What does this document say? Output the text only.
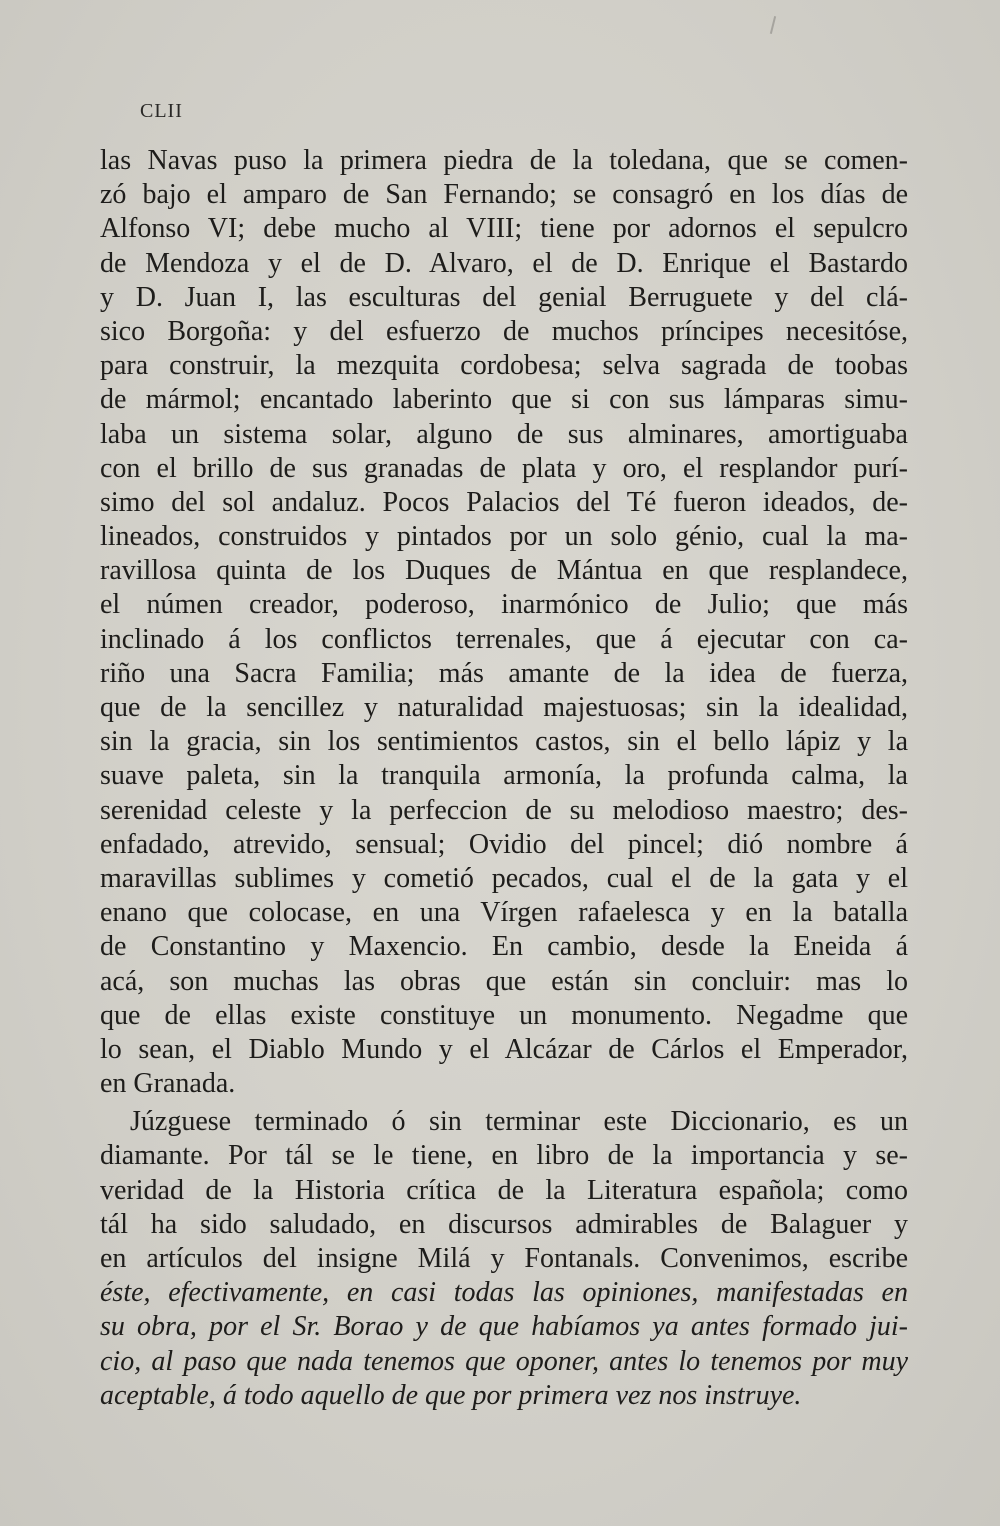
CLII
las Navas puso la primera piedra de la toledana, que se comen-
zó bajo el amparo de San Fernando; se consagró en los días de
Alfonso VI; debe mucho al VIII; tiene por adornos el sepulcro
de Mendoza y el de D. Alvaro, el de D. Enrique el Bastardo
y D. Juan I, las esculturas del genial Berruguete y del clá-
sico Borgoña: y del esfuerzo de muchos príncipes necesitóse,
para construir, la mezquita cordobesa; selva sagrada de toobas
de mármol; encantado laberinto que si con sus lámparas simu-
laba un sistema solar, alguno de sus alminares, amortiguaba
con el brillo de sus granadas de plata y oro, el resplandor purí-
simo del sol andaluz. Pocos Palacios del Té fueron ideados, de-
lineados, construidos y pintados por un solo génio, cual la ma-
ravillosa quinta de los Duques de Mántua en que resplandece,
el númen creador, poderoso, inarmónico de Julio; que más
inclinado á los conflictos terrenales, que á ejecutar con ca-
riño una Sacra Familia; más amante de la idea de fuerza,
que de la sencillez y naturalidad majestuosas; sin la idealidad,
sin la gracia, sin los sentimientos castos, sin el bello lápiz y la
suave paleta, sin la tranquila armonía, la profunda calma, la
serenidad celeste y la perfeccion de su melodioso maestro; des-
enfadado, atrevido, sensual; Ovidio del pincel; dió nombre á
maravillas sublimes y cometió pecados, cual el de la gata y el
enano que colocase, en una Vírgen rafaelesca y en la batalla
de Constantino y Maxencio. En cambio, desde la Eneida á
acá, son muchas las obras que están sin concluir: mas lo
que de ellas existe constituye un monumento. Negadme que
lo sean, el Diablo Mundo y el Alcázar de Cárlos el Emperador,
en Granada.
Júzguese terminado ó sin terminar este Diccionario, es un
diamante. Por tál se le tiene, en libro de la importancia y se-
veridad de la Historia crítica de la Literatura española; como
tál ha sido saludado, en discursos admirables de Balaguer y
en artículos del insigne Milá y Fontanals. Convenimos, escribe
éste, efectivamente, en casi todas las opiniones, manifestadas en
su obra, por el Sr. Borao y de que habíamos ya antes formado jui-
cio, al paso que nada tenemos que oponer, antes lo tenemos por muy
aceptable, á todo aquello de que por primera vez nos instruye.
